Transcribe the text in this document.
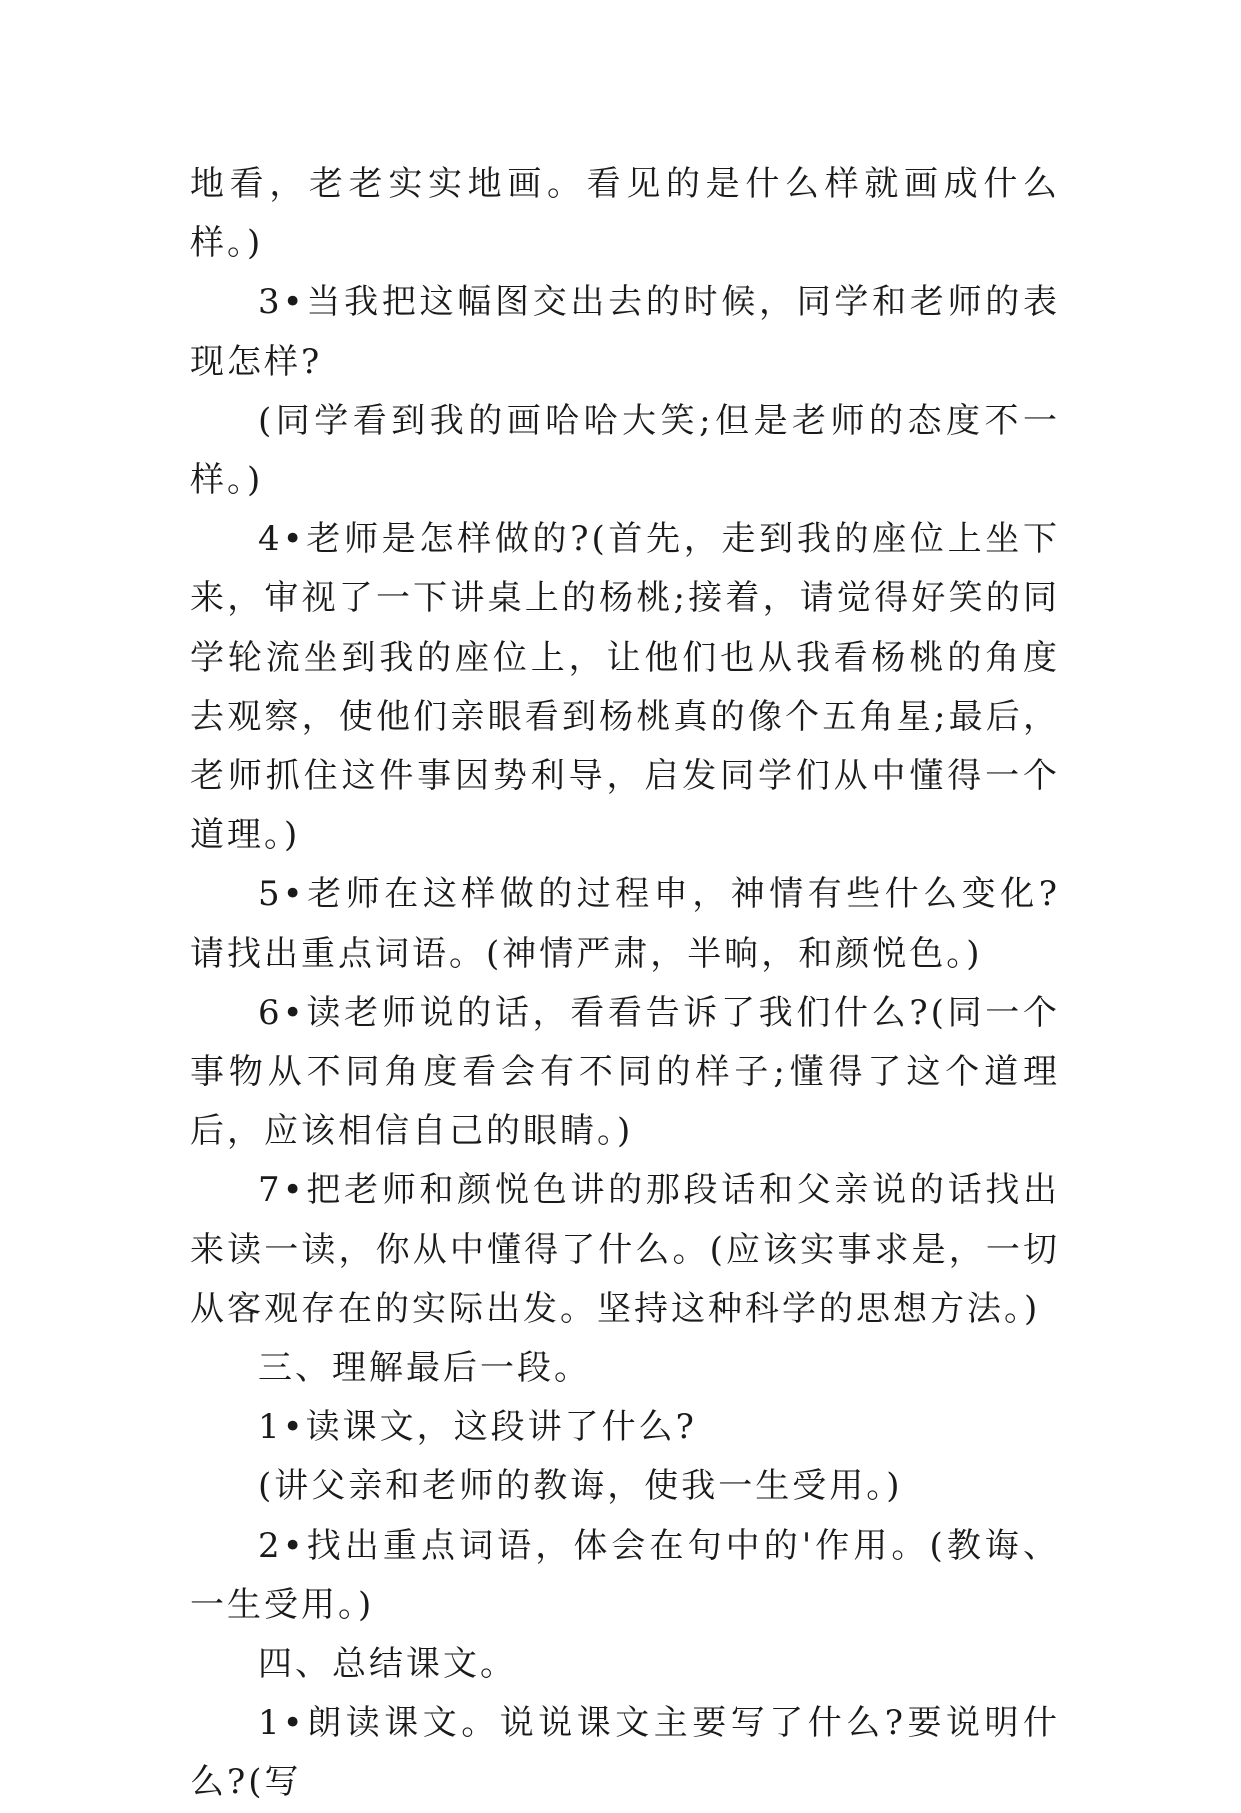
地看，老老实实地画。看见的是什么样就画成什么样。)

3•当我把这幅图交出去的时候，同学和老师的表现怎样?

(同学看到我的画哈哈大笑;但是老师的态度不一样。)

4•老师是怎样做的?(首先，走到我的座位上坐下来，审视了一下讲桌上的杨桃;接着，请觉得好笑的同学轮流坐到我的座位上，让他们也从我看杨桃的角度去观察，使他们亲眼看到杨桃真的像个五角星;最后，老师抓住这件事因势利导，启发同学们从中懂得一个道理。)

5•老师在这样做的过程申，神情有些什么变化?请找出重点词语。(神情严肃，半晌，和颜悦色。)

6•读老师说的话，看看告诉了我们什么?(同一个事物从不同角度看会有不同的样子;懂得了这个道理后，应该相信自己的眼睛。)

7•把老师和颜悦色讲的那段话和父亲说的话找出来读一读，你从中懂得了什么。(应该实事求是，一切从客观存在的实际出发。坚持这种科学的思想方法。)

三、理解最后一段。

1•读课文，这段讲了什么?

(讲父亲和老师的教诲，使我一生受用。)

2•找出重点词语，体会在句中的'作用。(教诲、一生受用。)

四、总结课文。

1•朗读课文。说说课文主要写了什么?要说明什么?(写
